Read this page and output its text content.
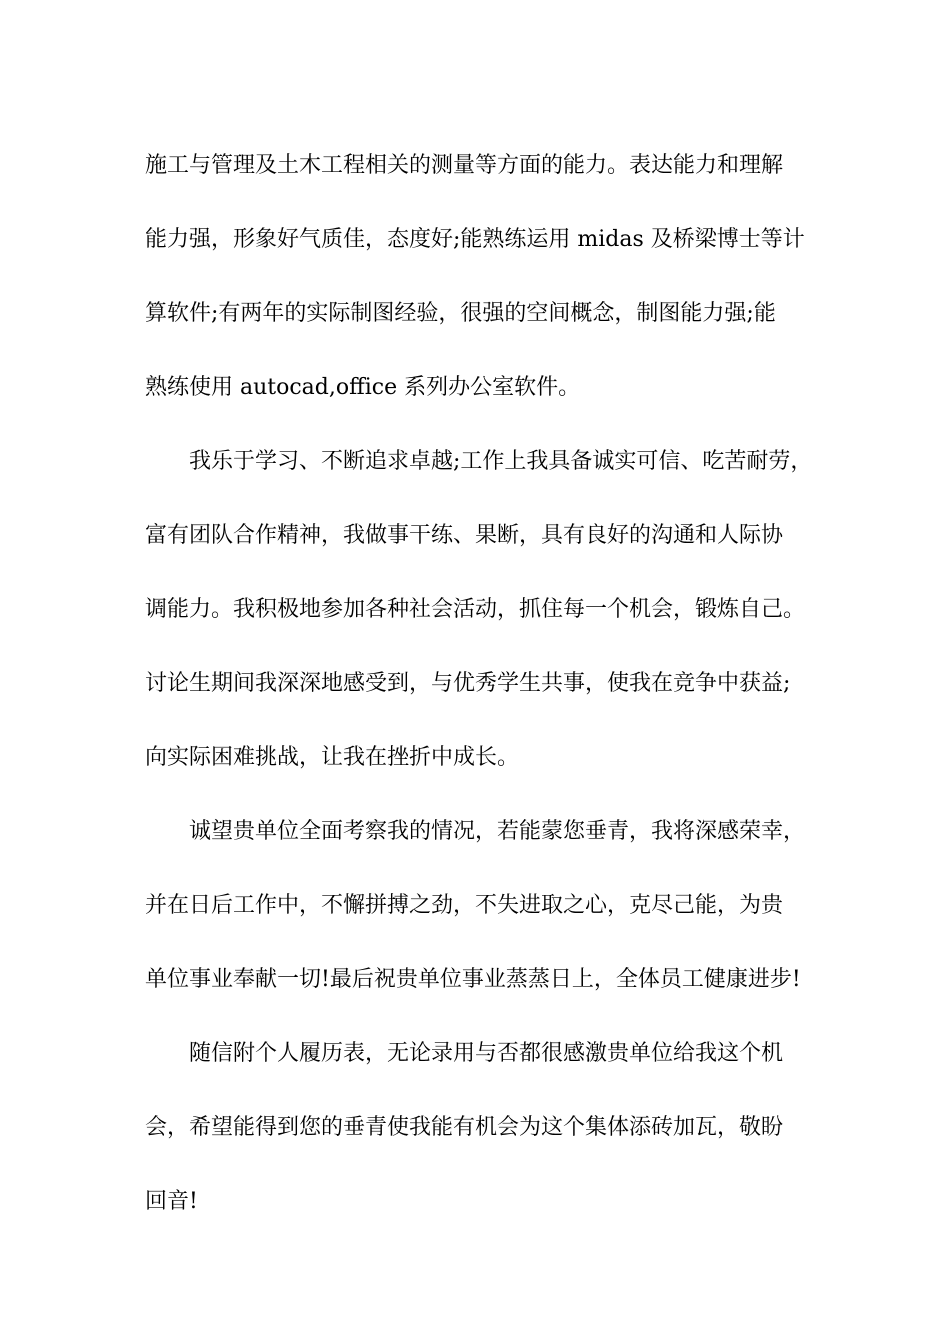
施工与管理及土木工程相关的测量等方面的能力。表达能力和理解
能力强，形象好气质佳，态度好;能熟练运用 midas 及桥梁博士等计
算软件;有两年的实际制图经验，很强的空间概念，制图能力强;能
熟练使用 autocad,office 系列办公室软件。
我乐于学习、不断追求卓越;工作上我具备诚实可信、吃苦耐劳，
富有团队合作精神，我做事干练、果断，具有良好的沟通和人际协
调能力。我积极地参加各种社会活动，抓住每一个机会，锻炼自己。
讨论生期间我深深地感受到，与优秀学生共事，使我在竞争中获益;
向实际困难挑战，让我在挫折中成长。
诚望贵单位全面考察我的情况，若能蒙您垂青，我将深感荣幸，
并在日后工作中，不懈拼搏之劲，不失进取之心，克尽己能，为贵
单位事业奉献一切!最后祝贵单位事业蒸蒸日上，全体员工健康进步!
随信附个人履历表，无论录用与否都很感激贵单位给我这个机
会，希望能得到您的垂青使我能有机会为这个集体添砖加瓦，敬盼
回音!
